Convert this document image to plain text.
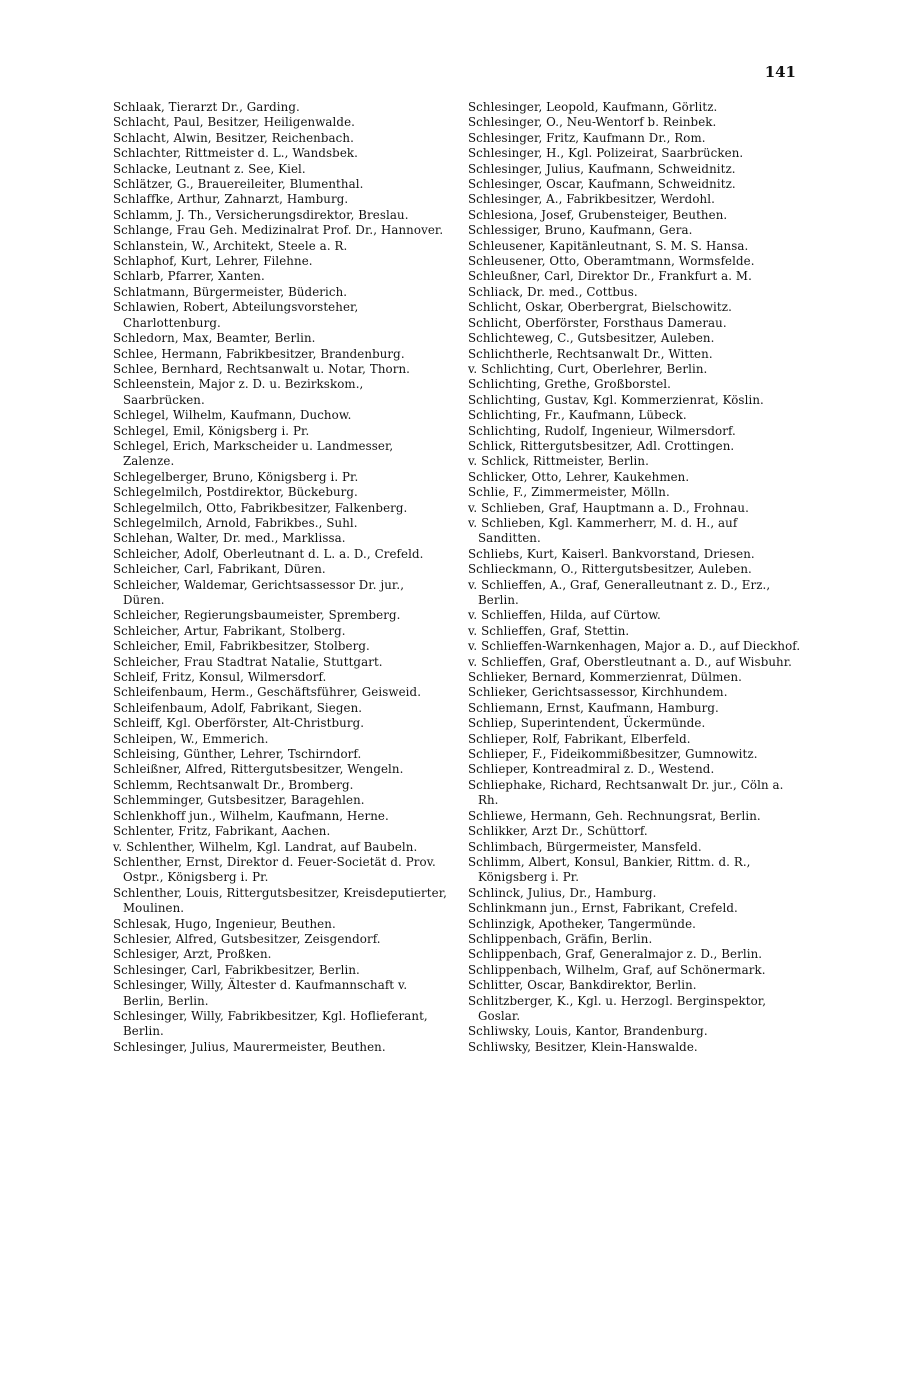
141
Schlaak, Tierarzt Dr., Garding.
Schlacht, Paul, Besitzer, Heiligenwalde.
Schlacht, Alwin, Besitzer, Reichenbach.
Schlachter, Rittmeister d. L., Wandsbek.
Schlacke, Leutnant z. See, Kiel.
Schlätzer, G., Brauereileiter, Blumenthal.
Schlaffke, Arthur, Zahnarzt, Hamburg.
Schlamm, J. Th., Versicherungsdirektor, Breslau.
Schlange, Frau Geh. Medizinalrat Prof. Dr., Hannover.
Schlanstein, W., Architekt, Steele a. R.
Schlaphof, Kurt, Lehrer, Filehne.
Schlarb, Pfarrer, Xanten.
Schlatmann, Bürgermeister, Büderich.
Schlawien, Robert, Abteilungsvorsteher, Charlottenburg.
Schledorn, Max, Beamter, Berlin.
Schlee, Hermann, Fabrikbesitzer, Brandenburg.
Schlee, Bernhard, Rechtsanwalt u. Notar, Thorn.
Schleenstein, Major z. D. u. Bezirkskom., Saarbrücken.
Schlegel, Wilhelm, Kaufmann, Duchow.
Schlegel, Emil, Königsberg i. Pr.
Schlegel, Erich, Markscheider u. Landmesser, Zalenze.
Schlegelberger, Bruno, Königsberg i. Pr.
Schlegelmilch, Postdirektor, Bückeburg.
Schlegelmilch, Otto, Fabrikbesitzer, Falkenberg.
Schlegelmilch, Arnold, Fabrikbes., Suhl.
Schlehan, Walter, Dr. med., Marklissa.
Schleicher, Adolf, Oberleutnant d. L. a. D., Crefeld.
Schleicher, Carl, Fabrikant, Düren.
Schleicher, Waldemar, Gerichtsassessor Dr. jur., Düren.
Schleicher, Regierungsbaumeister, Spremberg.
Schleicher, Artur, Fabrikant, Stolberg.
Schleicher, Emil, Fabrikbesitzer, Stolberg.
Schleicher, Frau Stadtrat Natalie, Stuttgart.
Schleif, Fritz, Konsul, Wilmersdorf.
Schleifenbaum, Herm., Geschäftsführer, Geisweid.
Schleifenbaum, Adolf, Fabrikant, Siegen.
Schleiff, Kgl. Oberförster, Alt-Christburg.
Schleipen, W., Emmerich.
Schleising, Günther, Lehrer, Tschirndorf.
Schleißner, Alfred, Rittergutsbesitzer, Wengeln.
Schlemm, Rechtsanwalt Dr., Bromberg.
Schlemminger, Gutsbesitzer, Baragehlen.
Schlenkhoff jun., Wilhelm, Kaufmann, Herne.
Schlenter, Fritz, Fabrikant, Aachen.
v. Schlenther, Wilhelm, Kgl. Landrat, auf Baubeln.
Schlenther, Ernst, Direktor d. Feuer-Societät d. Prov. Ostpr., Königsberg i. Pr.
Schlenther, Louis, Rittergutsbesitzer, Kreisdeputierter, Moulinen.
Schlesak, Hugo, Ingenieur, Beuthen.
Schlesier, Alfred, Gutsbesitzer, Zeisgendorf.
Schlesiger, Arzt, Proßken.
Schlesinger, Carl, Fabrikbesitzer, Berlin.
Schlesinger, Willy, Ältester d. Kaufmannschaft v. Berlin, Berlin.
Schlesinger, Willy, Fabrikbesitzer, Kgl. Hoflieferant, Berlin.
Schlesinger, Julius, Maurermeister, Beuthen.
Schlesinger, Leopold, Kaufmann, Görlitz.
Schlesinger, O., Neu-Wentorf b. Reinbek.
Schlesinger, Fritz, Kaufmann Dr., Rom.
Schlesinger, H., Kgl. Polizeirat, Saarbrücken.
Schlesinger, Julius, Kaufmann, Schweidnitz.
Schlesinger, Oscar, Kaufmann, Schweidnitz.
Schlesinger, A., Fabrikbesitzer, Werdohl.
Schlesiona, Josef, Grubensteiger, Beuthen.
Schlessiger, Bruno, Kaufmann, Gera.
Schleusener, Kapitänleutnant, S. M. S. Hansa.
Schleusener, Otto, Oberamtmann, Wormsfelde.
Schleußner, Carl, Direktor Dr., Frankfurt a. M.
Schliack, Dr. med., Cottbus.
Schlicht, Oskar, Oberbergrat, Bielschowitz.
Schlicht, Oberförster, Forsthaus Damerau.
Schlichteweg, C., Gutsbesitzer, Auleben.
Schlichtherle, Rechtsanwalt Dr., Witten.
v. Schlichting, Curt, Oberlehrer, Berlin.
Schlichting, Grethe, Großborstel.
Schlichting, Gustav, Kgl. Kommerzienrat, Köslin.
Schlichting, Fr., Kaufmann, Lübeck.
Schlichting, Rudolf, Ingenieur, Wilmersdorf.
Schlick, Rittergutsbesitzer, Adl. Crottingen.
v. Schlick, Rittmeister, Berlin.
Schlicker, Otto, Lehrer, Kaukehmen.
Schlie, F., Zimmermeister, Mölln.
v. Schlieben, Graf, Hauptmann a. D., Frohnau.
v. Schlieben, Kgl. Kammerherr, M. d. H., auf Sanditten.
Schliebs, Kurt, Kaiserl. Bankvorstand, Driesen.
Schlieckmann, O., Rittergutsbesitzer, Auleben.
v. Schlieffen, A., Graf, Generalleutnant z. D., Erz., Berlin.
v. Schlieffen, Hilda, auf Cürtow.
v. Schlieffen, Graf, Stettin.
v. Schlieffen-Warnkenhagen, Major a. D., auf Dieckhof.
v. Schlieffen, Graf, Oberstleutnant a. D., auf Wisbuhr.
Schlieker, Bernard, Kommerzienrat, Dülmen.
Schlieker, Gerichtsassessor, Kirchhundem.
Schliemann, Ernst, Kaufmann, Hamburg.
Schliep, Superintendent, Ückermünde.
Schlieper, Rolf, Fabrikant, Elberfeld.
Schlieper, F., Fideikommißbesitzer, Gumnowitz.
Schlieper, Kontreadmiral z. D., Westend.
Schliephake, Richard, Rechtsanwalt Dr. jur., Cöln a. Rh.
Schliewe, Hermann, Geh. Rechnungsrat, Berlin.
Schlikker, Arzt Dr., Schüttorf.
Schlimbach, Bürgermeister, Mansfeld.
Schlimm, Albert, Konsul, Bankier, Rittm. d. R., Königsberg i. Pr.
Schlinck, Julius, Dr., Hamburg.
Schlinkmann jun., Ernst, Fabrikant, Crefeld.
Schlinzigk, Apotheker, Tangermünde.
Schlippenbach, Gräfin, Berlin.
Schlippenbach, Graf, Generalmajor z. D., Berlin.
Schlippenbach, Wilhelm, Graf, auf Schönermark.
Schlitter, Oscar, Bankdirektor, Berlin.
Schlitzberger, K., Kgl. u. Herzogl. Berginspektor, Goslar.
Schliwsky, Louis, Kantor, Brandenburg.
Schliwsky, Besitzer, Klein-Hanswalde.
